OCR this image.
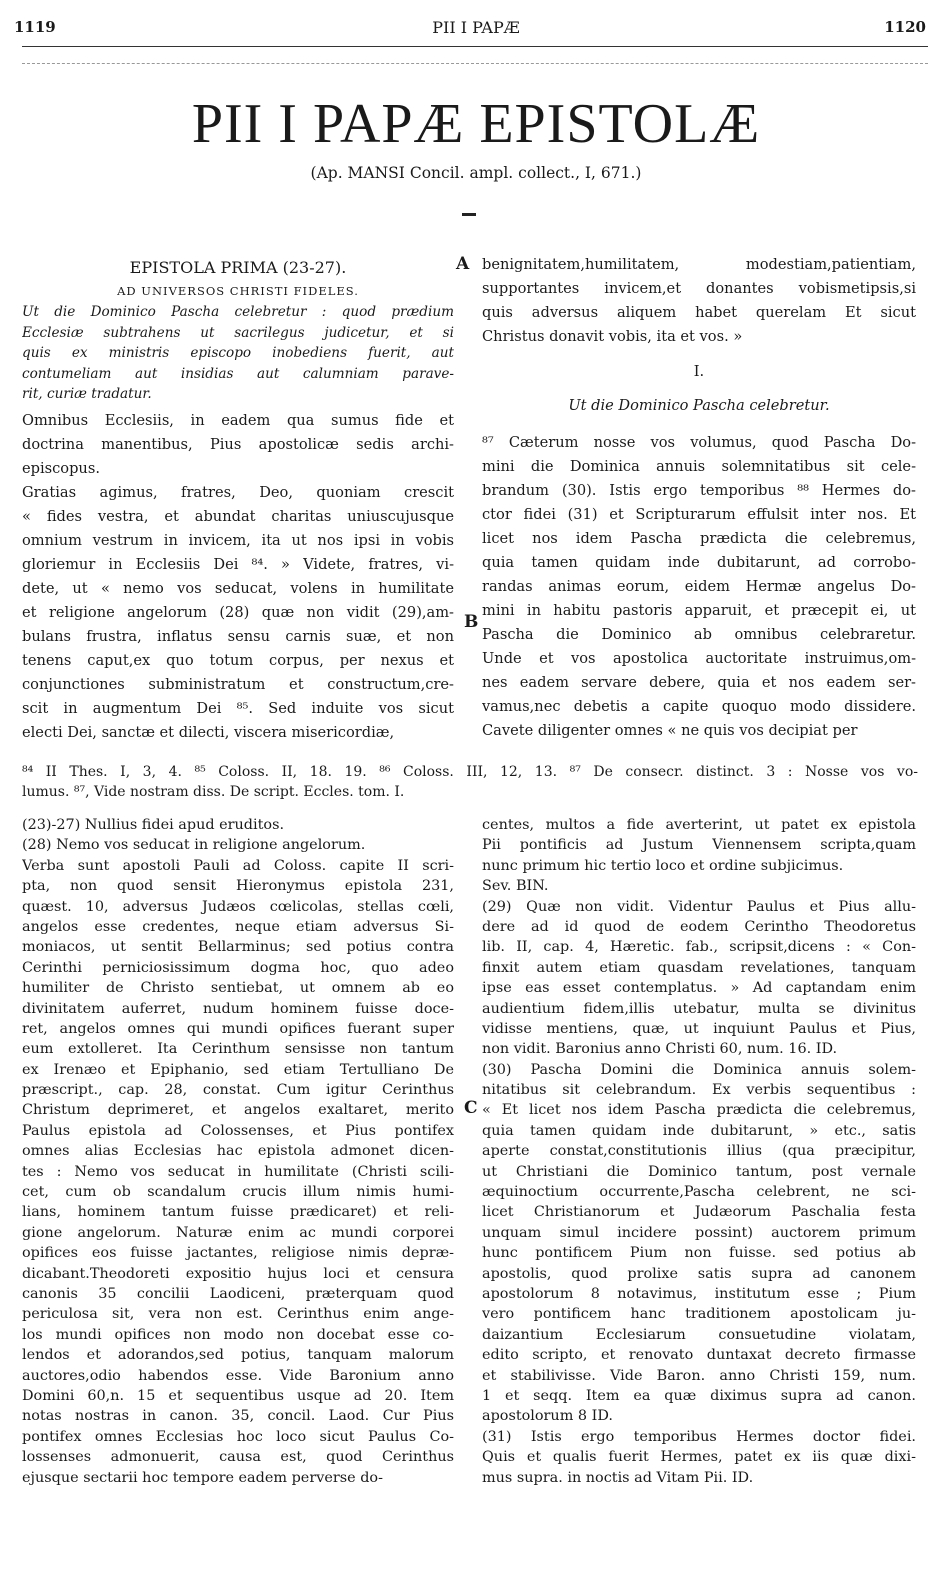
1119	PII I PAPÆ	1120
PII I PAPÆ EPISTOLÆ
(Ap. MANSI Concil. ampl. collect., I, 671.)
EPISTOLA PRIMA (23-27).
AD UNIVERSOS CHRISTI FIDELES.
Ut die Dominico Pascha celebretur : quod prædium
Ecclesiæ subtrahens ut sacrilegus judicetur, et si
quis ex ministris episcopo inobediens fuerit, aut
contumeliam aut insidias aut calumniam parave-
rit, curiæ tradatur.
Omnibus Ecclesiis, in eadem qua sumus fide et
doctrina manentibus, Pius apostolicæ sedis archi-
episcopus.
Gratias agimus, fratres, Deo, quoniam crescit
« fides vestra, et abundat charitas uniuscujusque
omnium vestrum in invicem, ita ut nos ipsi in vobis
gloriemur in Ecclesiis Dei ⁸⁴. » Videte, fratres, vi-
dete, ut « nemo vos seducat, volens in humilitate
et religione angelorum (28) quæ non vidit (29),am-
bulans frustra, inflatus sensu carnis suæ, et non
tenens caput,ex quo totum corpus, per nexus et
conjunctiones subministratum et constructum,cre-
scit in augmentum Dei ⁸⁵. Sed induite vos sicut
electi Dei, sanctæ et dilecti, viscera misericordiæ,
benignitatem,humilitatem, modestiam,patientiam,
supportantes invicem,et donantes vobismetipsis,si
quis adversus aliquem habet querelam Et sicut
Christus donavit vobis, ita et vos. »
I.
Ut die Dominico Pascha celebretur.
⁸⁷ Cæterum nosse vos volumus, quod Pascha Do-
mini die Dominica annuis solemnitatibus sit cele-
brandum (30). Istis ergo temporibus ⁸⁸ Hermes do-
ctor fidei (31) et Scripturarum effulsit inter nos. Et
licet nos idem Pascha prædicta die celebremus,
quia tamen quidam inde dubitarunt, ad corrobo-
randas animas eorum, eidem Hermæ angelus Do-
mini in habitu pastoris apparuit, et præcepit ei, ut
Pascha die Dominico ab omnibus celebraretur.
Unde et vos apostolica auctoritate instruimus,om-
nes eadem servare debere, quia et nos eadem ser-
vamus,nec debetis a capite quoquo modo dissidere.
Cavete diligenter omnes « ne quis vos decipiat per
A
B
C
⁸⁴ II Thes. I, 3, 4. ⁸⁵ Coloss. II, 18. 19. ⁸⁶ Coloss. III, 12, 13. ⁸⁷ De consecr. distinct. 3 : Nosse vos vo-
lumus. ⁸⁷, Vide nostram diss. De script. Eccles. tom. I.
(23)-27) Nullius fidei apud eruditos.
(28) Nemo vos seducat in religione angelorum.
Verba sunt apostoli Pauli ad Coloss. capite II scri-
pta, non quod sensit Hieronymus epistola 231,
quæst. 10, adversus Judæos cœlicolas, stellas cœli,
angelos esse credentes, neque etiam adversus Si-
moniacos, ut sentit Bellarminus; sed potius contra
Cerinthi perniciosissimum dogma hoc, quo adeo
humiliter de Christo sentiebat, ut omnem ab eo
divinitatem auferret, nudum hominem fuisse doce-
ret, angelos omnes qui mundi opifices fuerant super
eum extolleret. Ita Cerinthum sensisse non tantum
ex Irenæo et Epiphanio, sed etiam Tertulliano De
præscript., cap. 28, constat. Cum igitur Cerinthus
Christum deprimeret, et angelos exaltaret, merito
Paulus epistola ad Colossenses, et Pius pontifex
omnes alias Ecclesias hac epistola admonet dicen-
tes : Nemo vos seducat in humilitate (Christi scili-
cet, cum ob scandalum crucis illum nimis humi-
lians, hominem tantum fuisse prædicaret) et reli-
gione angelorum. Naturæ enim ac mundi corporei
opifices eos fuisse jactantes, religiose nimis depræ-
dicabant.Theodoreti expositio hujus loci et censura
canonis 35 concilii Laodiceni, præterquam quod
periculosa sit, vera non est. Cerinthus enim ange-
los mundi opifices non modo non docebat esse co-
lendos et adorandos,sed potius, tanquam malorum
auctores,odio habendos esse. Vide Baronium anno
Domini 60,n. 15 et sequentibus usque ad 20. Item
notas nostras in canon. 35, concil. Laod. Cur Pius
pontifex omnes Ecclesias hoc loco sicut Paulus Co-
lossenses admonuerit, causa est, quod Cerinthus
ejusque sectarii hoc tempore eadem perverse do-
centes, multos a fide averterint, ut patet ex epistola
Pii pontificis ad Justum Viennensem scripta,quam
nunc primum hic tertio loco et ordine subjicimus.
Sev. BIN.
(29) Quæ non vidit. Videntur Paulus et Pius allu-
dere ad id quod de eodem Cerintho Theodoretus
lib. II, cap. 4, Hæretic. fab., scripsit,dicens : « Con-
finxit autem etiam quasdam revelationes, tanquam
ipse eas esset contemplatus. » Ad captandam enim
audientium fidem,illis utebatur, multa se divinitus
vidisse mentiens, quæ, ut inquiunt Paulus et Pius,
non vidit. Baronius anno Christi 60, num. 16. ID.
(30) Pascha Domini die Dominica annuis solem-
nitatibus sit celebrandum. Ex verbis sequentibus :
« Et licet nos idem Pascha prædicta die celebremus,
quia tamen quidam inde dubitarunt, » etc., satis
aperte constat,constitutionis illius (qua præcipitur,
ut Christiani die Dominico tantum, post vernale
æquinoctium occurrente,Pascha celebrent, ne sci-
licet Christianorum et Judæorum Paschalia festa
unquam simul incidere possint) auctorem primum
hunc pontificem Pium non fuisse. sed potius ab
apostolis, quod prolixe satis supra ad canonem
apostolorum 8 notavimus, institutum esse ; Pium
vero pontificem hanc traditionem apostolicam ju-
daizantium Ecclesiarum consuetudine violatam,
edito scripto, et renovato duntaxat decreto firmasse
et stabilivisse. Vide Baron. anno Christi 159, num.
1 et seqq. Item ea quæ diximus supra ad canon.
apostolorum 8 ID.
(31) Istis ergo temporibus Hermes doctor fidei.
Quis et qualis fuerit Hermes, patet ex iis quæ dixi-
mus supra. in noctis ad Vitam Pii. ID.
